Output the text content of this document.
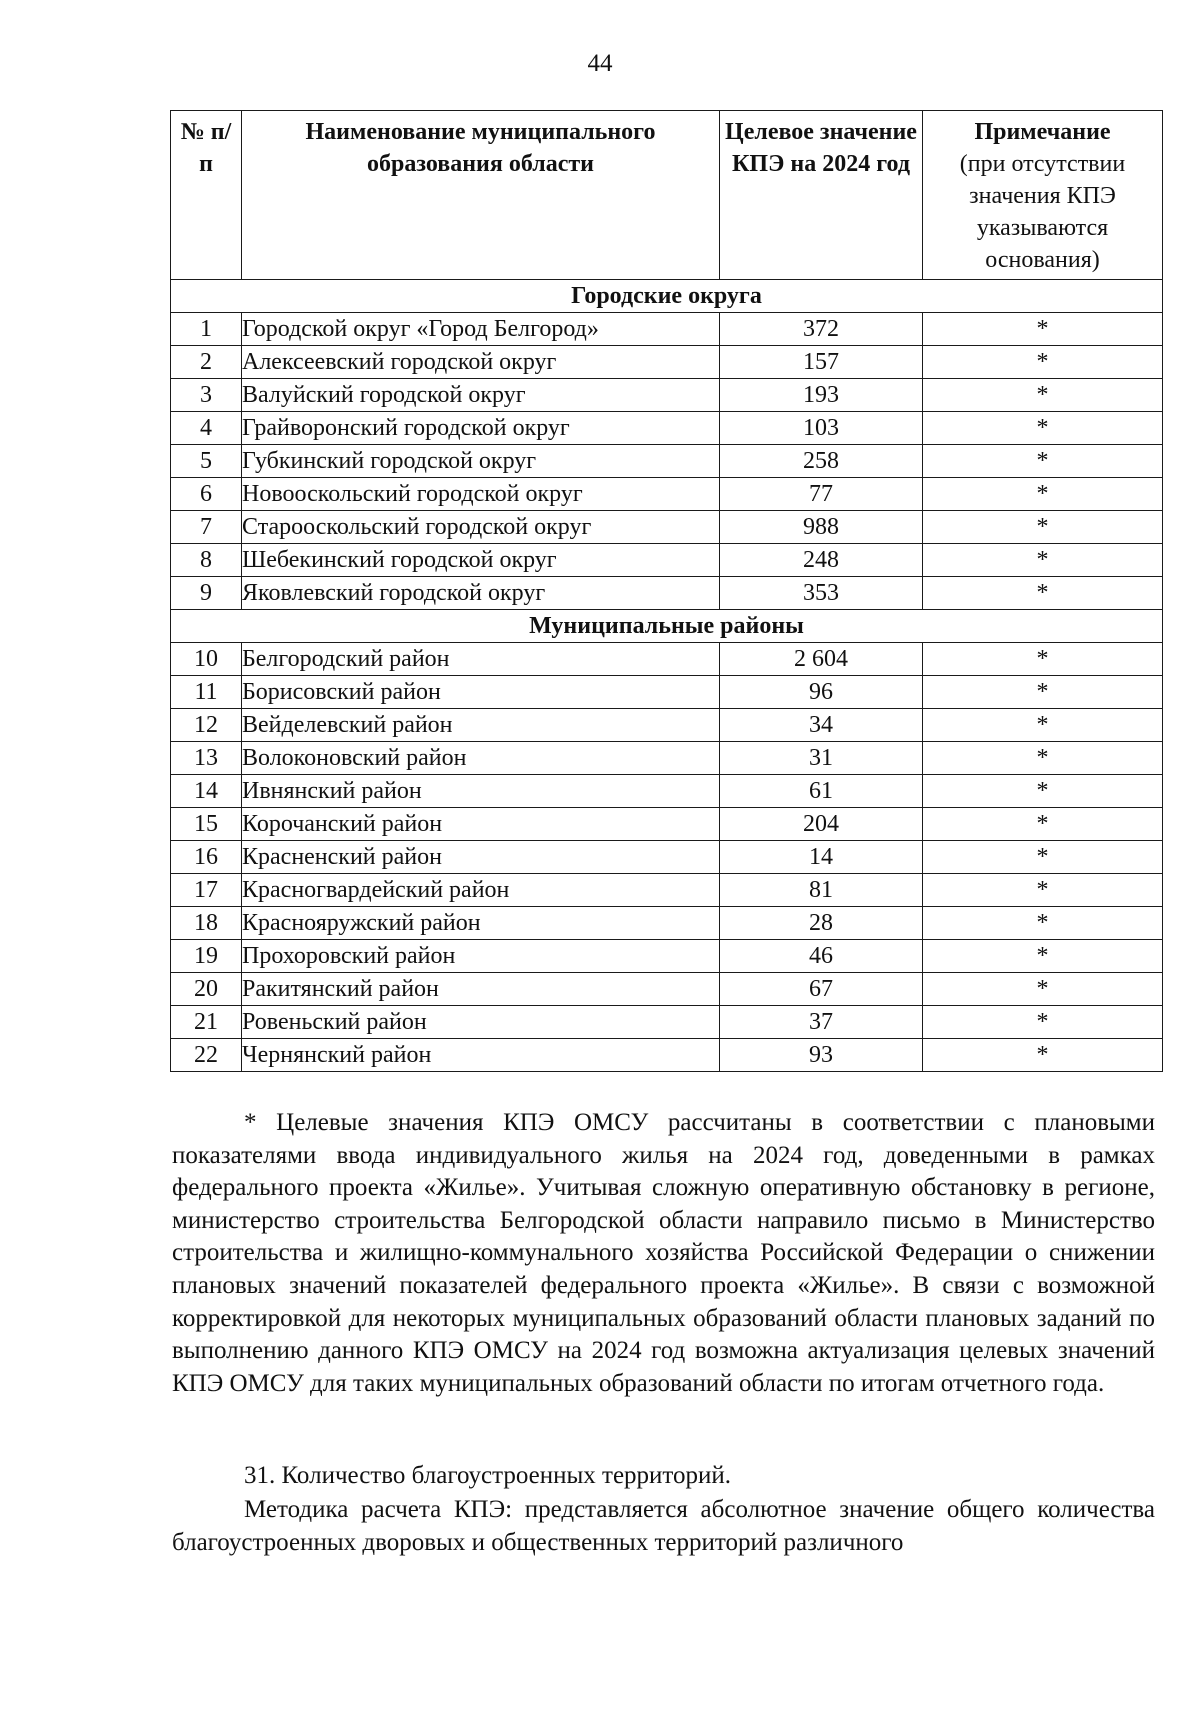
44
№ п/п	Наименование муниципального образования области	Целевое значение КПЭ на 2024 год	Примечание
(при отсутствии значения КПЭ указываются основания)

Городские округа			
1	Городской округ «Город Белгород»	372	*
2	Алексеевский городской округ	157	*
3	Валуйский городской округ	193	*
4	Грайворонский городской округ	103	*
5	Губкинский городской округ	258	*
6	Новооскольский городской округ	77	*
7	Старооскольский городской округ	988	*
8	Шебекинский городской округ	248	*
9	Яковлевский городской округ	353	*
Муниципальные районы			
10	Белгородский район	2 604	*
11	Борисовский район	96	*
12	Вейделевский район	34	*
13	Волоконовский район	31	*
14	Ивнянский район	61	*
15	Корочанский район	204	*
16	Красненский район	14	*
17	Красногвардейский район	81	*
18	Краснояружский район	28	*
19	Прохоровский район	46	*
20	Ракитянский район	67	*
21	Ровеньский район	37	*
22	Чернянский район	93	*

* Целевые значения КПЭ ОМСУ рассчитаны в соответствии с плановыми показателями ввода индивидуального жилья на 2024 год, доведенными в рамках федерального проекта «Жилье». Учитывая сложную оперативную обстановку в регионе, министерство строительства Белгородской области направило письмо в Министерство строительства и жилищно-коммунального хозяйства Российской Федерации о снижении плановых значений показателей федерального проекта «Жилье». В связи с возможной корректировкой для некоторых муниципальных образований области плановых заданий по выполнению данного КПЭ ОМСУ на 2024 год возможна актуализация целевых значений КПЭ ОМСУ для таких муниципальных образований области по итогам отчетного года.

31. Количество благоустроенных территорий.

Методика расчета КПЭ: представляется абсолютное значение общего количества благоустроенных дворовых и общественных территорий различного
